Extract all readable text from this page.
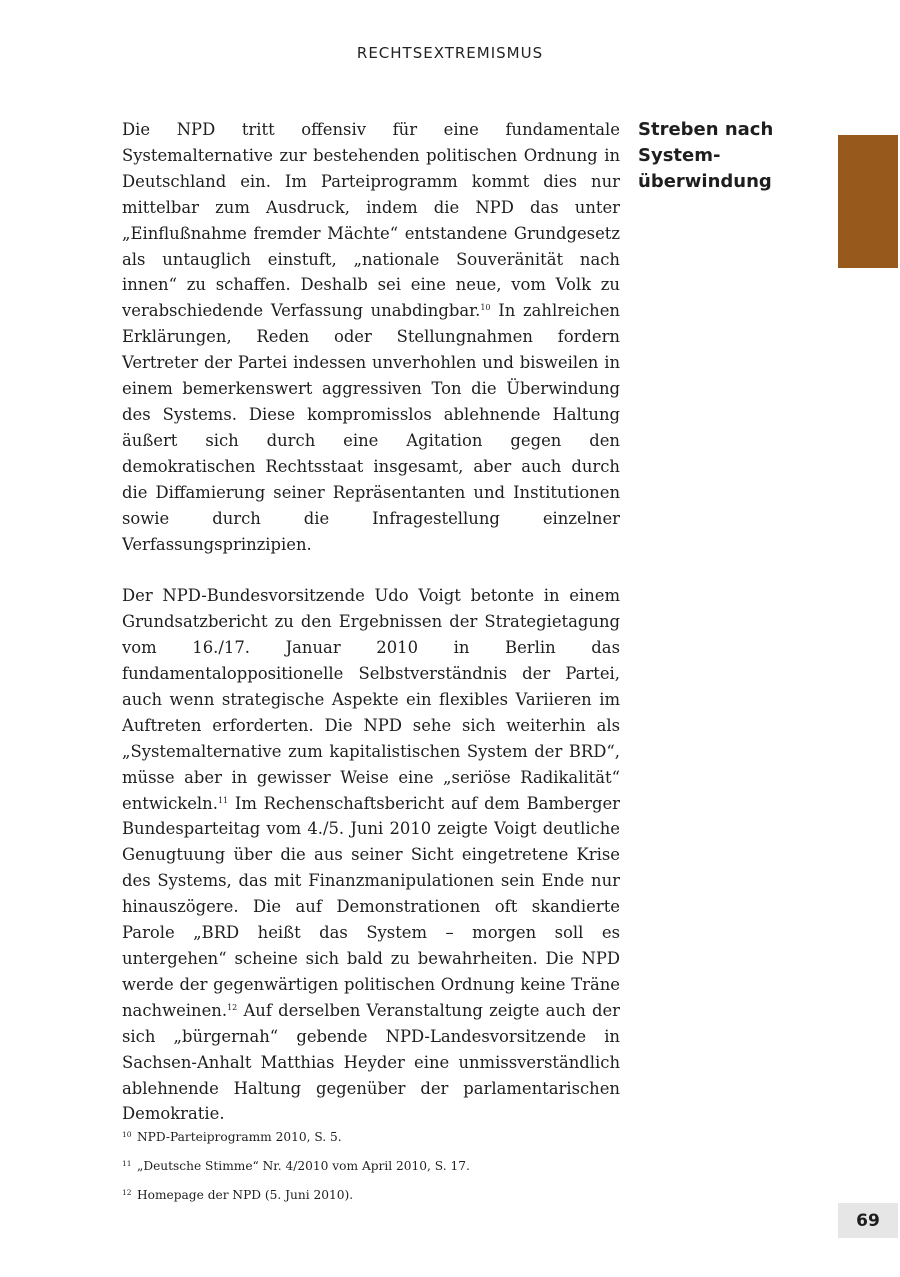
RECHTSEXTREMISMUS

Die NPD tritt offensiv für eine fundamentale Systemalternative zur bestehenden politischen Ordnung in Deutschland ein. Im Parteiprogramm kommt dies nur mittelbar zum Ausdruck, indem die NPD das unter „Einflußnahme fremder Mächte“ entstandene Grundgesetz als untauglich einstuft, „nationale Souveränität nach innen“ zu schaffen. Deshalb sei eine neue, vom Volk zu verabschiedende Verfassung unabdingbar.$^{10}$ In zahlreichen Erklärungen, Reden oder Stellungnahmen fordern Vertreter der Partei indessen unverhohlen und bisweilen in einem bemerkenswert aggressiven Ton die Überwindung des Systems. Diese kompromisslos ablehnende Haltung äußert sich durch eine Agitation gegen den demokratischen Rechtsstaat insgesamt, aber auch durch die Diffamierung seiner Repräsentanten und Institutionen sowie durch die Infragestellung einzelner Verfassungsprinzipien.

Der NPD-Bundesvorsitzende Udo Voigt betonte in einem Grundsatzbericht zu den Ergebnissen der Strategietagung vom 16./17. Januar 2010 in Berlin das fundamentaloppositionelle Selbstverständnis der Partei, auch wenn strategische Aspekte ein flexibles Variieren im Auftreten erforderten. Die NPD sehe sich weiterhin als „Systemalternative zum kapitalistischen System der BRD“, müsse aber in gewisser Weise eine „seriöse Radikalität“ entwickeln.$^{11}$ Im Rechenschaftsbericht auf dem Bamberger Bundesparteitag vom 4./5. Juni 2010 zeigte Voigt deutliche Genugtuung über die aus seiner Sicht eingetretene Krise des Systems, das mit Finanzmanipulationen sein Ende nur hinauszögere. Die auf Demonstrationen oft skandierte Parole „BRD heißt das System – morgen soll es untergehen“ scheine sich bald zu bewahrheiten. Die NPD werde der gegenwärtigen politischen Ordnung keine Träne nachweinen.$^{12}$ Auf derselben Veranstaltung zeigte auch der sich „bürgernah“ gebende NPD-Landesvorsitzende in Sachsen-Anhalt Matthias Heyder eine unmissverständlich ablehnende Haltung gegenüber der parlamentarischen Demokratie.

Streben nach
System-
überwindung
10 NPD-Parteiprogramm 2010, S. 5.
11 „Deutsche Stimme“ Nr. 4/2010 vom April 2010, S. 17.
12 Homepage der NPD (5. Juni 2010).
69
